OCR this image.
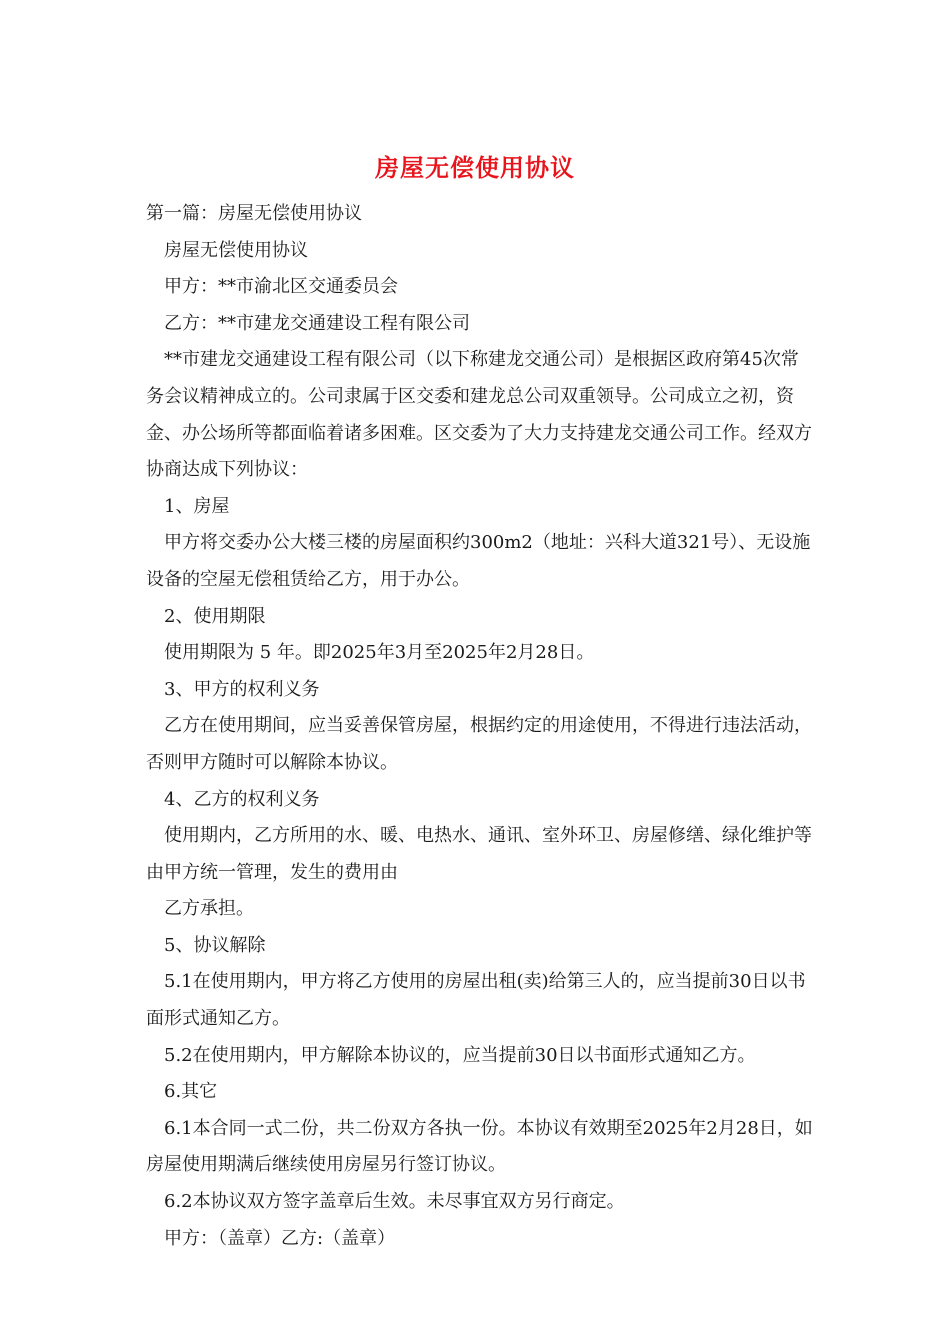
房屋无偿使用协议

第一篇：房屋无偿使用协议

房屋无偿使用协议

甲方：**市渝北区交通委员会

乙方：**市建龙交通建设工程有限公司

**市建龙交通建设工程有限公司（以下称建龙交通公司）是根据区政府第45次常务会议精神成立的。公司隶属于区交委和建龙总公司双重领导。公司成立之初，资金、办公场所等都面临着诸多困难。区交委为了大力支持建龙交通公司工作。经双方协商达成下列协议：

1、房屋

甲方将交委办公大楼三楼的房屋面积约300m2（地址：兴科大道321号）、无设施设备的空屋无偿租赁给乙方，用于办公。

2、使用期限

使用期限为 5 年。即2025年3月至2025年2月28日。

3、甲方的权利义务

乙方在使用期间，应当妥善保管房屋，根据约定的用途使用，不得进行违法活动，否则甲方随时可以解除本协议。

4、乙方的权利义务

使用期内，乙方所用的水、暖、电热水、通讯、室外环卫、房屋修缮、绿化维护等由甲方统一管理，发生的费用由

乙方承担。

5、协议解除

5.1在使用期内，甲方将乙方使用的房屋出租(卖)给第三人的，应当提前30日以书面形式通知乙方。

5.2在使用期内，甲方解除本协议的，应当提前30日以书面形式通知乙方。

6.其它

6.1本合同一式二份，共二份双方各执一份。本协议有效期至2025年2月28日，如房屋使用期满后继续使用房屋另行签订协议。

6.2本协议双方签字盖章后生效。未尽事宜双方另行商定。

甲方：（盖章）乙方:（盖章）
